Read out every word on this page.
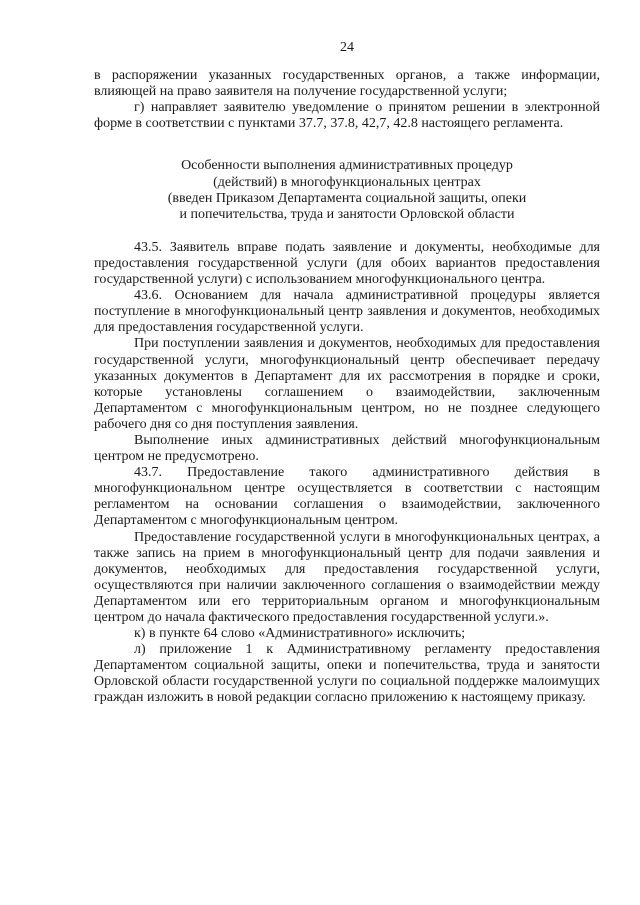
24

в распоряжении указанных государственных органов, а также информации, влияющей на право заявителя на получение государственной услуги;

г) направляет заявителю уведомление о принятом решении в электронной форме в соответствии с пунктами 37.7, 37.8, 42,7, 42.8 настоящего регламента.

Особенности выполнения административных процедур
(действий) в многофункциональных центрах
(введен Приказом Департамента социальной защиты, опеки
и попечительства, труда и занятости Орловской области

43.5. Заявитель вправе подать заявление и документы, необходимые для предоставления государственной услуги (для обоих вариантов предоставления государственной услуги) с использованием многофункционального центра.

43.6. Основанием для начала административной процедуры является поступление в многофункциональный центр заявления и документов, необходимых для предоставления государственной услуги.

При поступлении заявления и документов, необходимых для предоставления государственной услуги, многофункциональный центр обеспечивает передачу указанных документов в Департамент для их рассмотрения в порядке и сроки, которые установлены соглашением о взаимодействии, заключенным Департаментом с многофункциональным центром, но не позднее следующего рабочего дня со дня поступления заявления.

Выполнение иных административных действий многофункциональным центром не предусмотрено.

43.7. Предоставление такого административного действия в многофункциональном центре осуществляется в соответствии с настоящим регламентом на основании соглашения о взаимодействии, заключенного Департаментом с многофункциональным центром.

Предоставление государственной услуги в многофункциональных центрах, а также запись на прием в многофункциональный центр для подачи заявления и документов, необходимых для предоставления государственной услуги, осуществляются при наличии заключенного соглашения о взаимодействии между Департаментом или его территориальным органом и многофункциональным центром до начала фактического предоставления государственной услуги.».

к) в пункте 64 слово «Административного» исключить;

л) приложение 1 к Административному регламенту предоставления Департаментом социальной защиты, опеки и попечительства, труда и занятости Орловской области государственной услуги по социальной поддержке малоимущих граждан изложить в новой редакции согласно приложению к настоящему приказу.
